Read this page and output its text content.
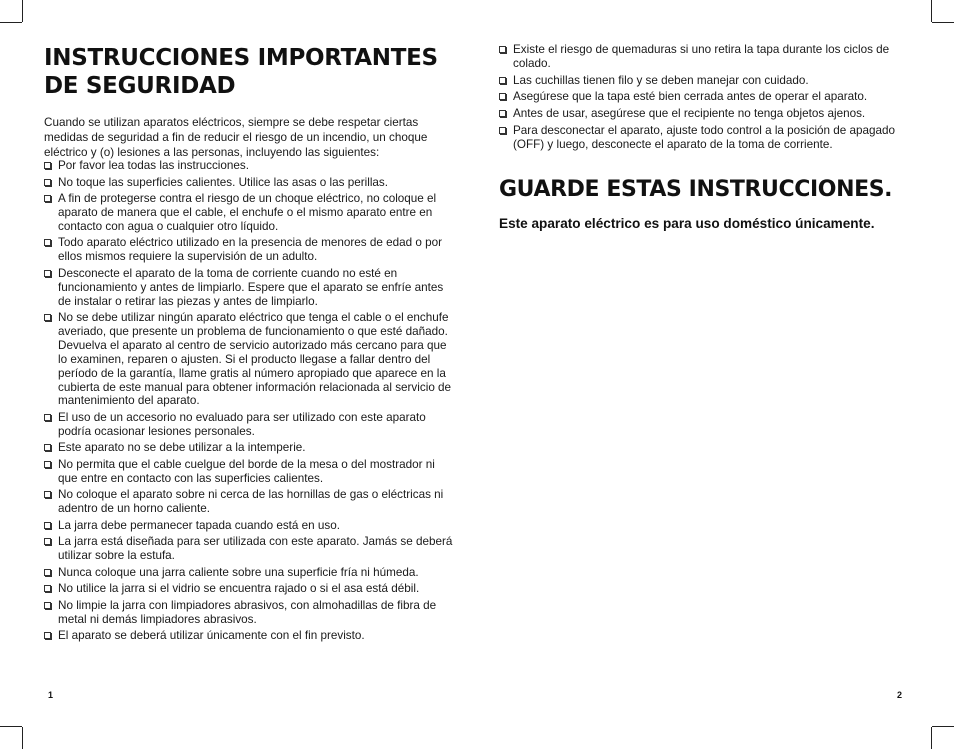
INSTRUCCIONES IMPORTANTES
DE SEGURIDAD

Cuando se utilizan aparatos eléctricos, siempre se debe respetar ciertas medidas de seguridad a fin de reducir el riesgo de un incendio, un choque eléctrico y (o) lesiones a las personas, incluyendo las siguientes:

Por favor lea todas las instrucciones.
No toque las superficies calientes. Utilice las asas o las perillas.
A fin de protegerse contra el riesgo de un choque eléctrico, no coloque el aparato de manera que el cable, el enchufe o el mismo aparato entre en contacto con agua o cualquier otro líquido.
Todo aparato eléctrico utilizado en la presencia de menores de edad o por ellos mismos requiere la supervisión de un adulto.
Desconecte el aparato de la toma de corriente cuando no esté en funcionamiento y antes de limpiarlo. Espere que el aparato se enfríe antes de instalar o retirar las piezas y antes de limpiarlo.
No se debe utilizar ningún aparato eléctrico que tenga el cable o el enchufe averiado, que presente un problema de funcionamiento o que esté dañado. Devuelva el aparato al centro de servicio autorizado más cercano para que lo examinen, reparen o ajusten. Si el producto llegase a fallar dentro del período de la garantía, llame gratis al número apropiado que aparece en la cubierta de este manual para obtener información relacionada al servicio de mantenimiento del aparato.
El uso de un accesorio no evaluado para ser utilizado con este aparato podría ocasionar lesiones personales.
Este aparato no se debe utilizar a la intemperie.
No permita que el cable cuelgue del borde de la mesa o del mostrador ni que entre en contacto con las superficies calientes.
No coloque el aparato sobre ni cerca de las hornillas de gas o eléctricas ni adentro de un horno caliente.
La jarra debe permanecer tapada cuando está en uso.
La jarra está diseñada para ser utilizada con este aparato. Jamás se deberá utilizar sobre la estufa.
Nunca coloque una jarra caliente sobre una superficie fría ni húmeda.
No utilice la jarra si el vidrio se encuentra rajado o si el asa está débil.
No limpie la jarra con limpiadores abrasivos, con almohadillas de fibra de metal ni demás limpiadores abrasivos.
El aparato se deberá utilizar únicamente con el fin previsto.
1
Existe el riesgo de quemaduras si uno retira la tapa durante los ciclos de colado.
Las cuchillas tienen filo y se deben manejar con cuidado.
Asegúrese que la tapa esté bien cerrada antes de operar el aparato.
Antes de usar, asegúrese que el recipiente no tenga objetos ajenos.
Para desconectar el aparato, ajuste todo control a la posición de apagado (OFF) y luego, desconecte el aparato de la toma de corriente.
GUARDE ESTAS INSTRUCCIONES.

Este aparato eléctrico es para uso doméstico únicamente.

2
